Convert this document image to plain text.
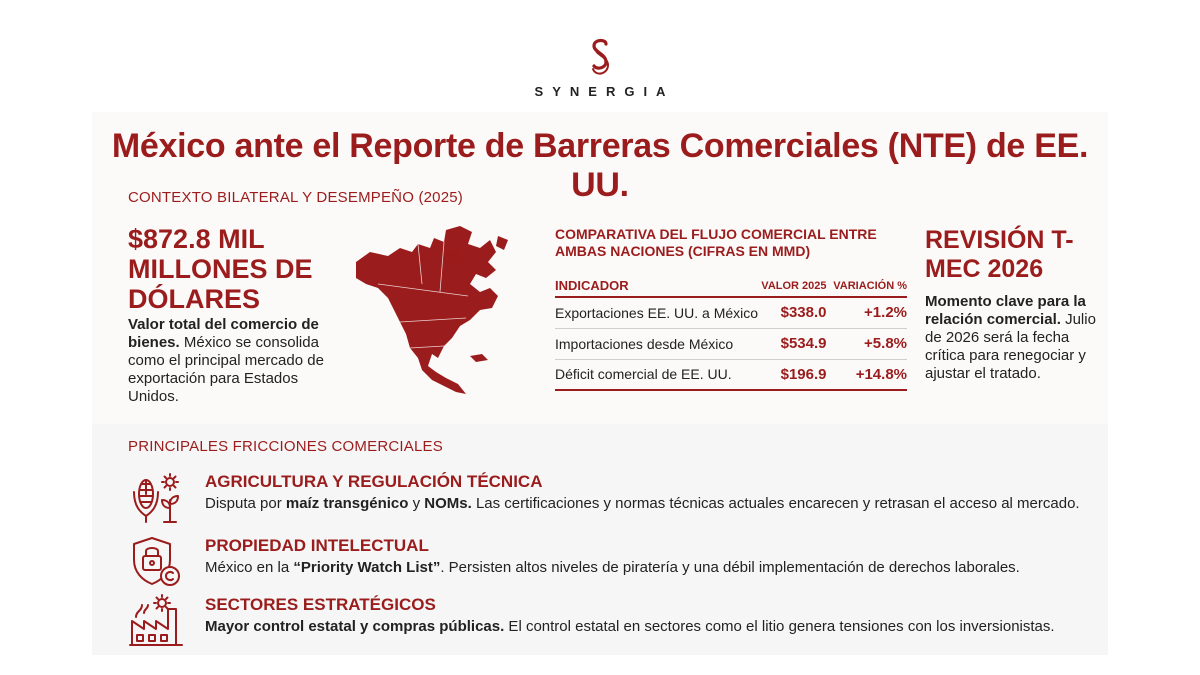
SYNERGIA
México ante el Reporte de Barreras Comerciales (NTE) de EE. UU.
CONTEXTO BILATERAL Y DESEMPEÑO (2025)
$872.8 MIL MILLONES DE DÓLARES
Valor total del comercio de bienes. México se consolida como el principal mercado de exportación para Estados Unidos.
COMPARATIVA DEL FLUJO COMERCIAL ENTRE AMBAS NACIONES (CIFRAS EN MMD)
INDICADOR	VALOR 2025	VARIACIÓN %
Exportaciones EE. UU. a México	$338.0	+1.2%
Importaciones desde México	$534.9	+5.8%
Déficit comercial de EE. UU.	$196.9	+14.8%
REVISIÓN T-MEC 2026
Momento clave para la relación comercial. Julio de 2026 será la fecha crítica para renegociar y ajustar el tratado.
PRINCIPALES FRICCIONES COMERCIALES
AGRICULTURA Y REGULACIÓN TÉCNICA
Disputa por maíz transgénico y NOMs. Las certificaciones y normas técnicas actuales encarecen y retrasan el acceso al mercado.
PROPIEDAD INTELECTUAL
México en la “Priority Watch List”. Persisten altos niveles de piratería y una débil implementación de derechos laborales.
SECTORES ESTRATÉGICOS
Mayor control estatal y compras públicas. El control estatal en sectores como el litio genera tensiones con los inversionistas.
